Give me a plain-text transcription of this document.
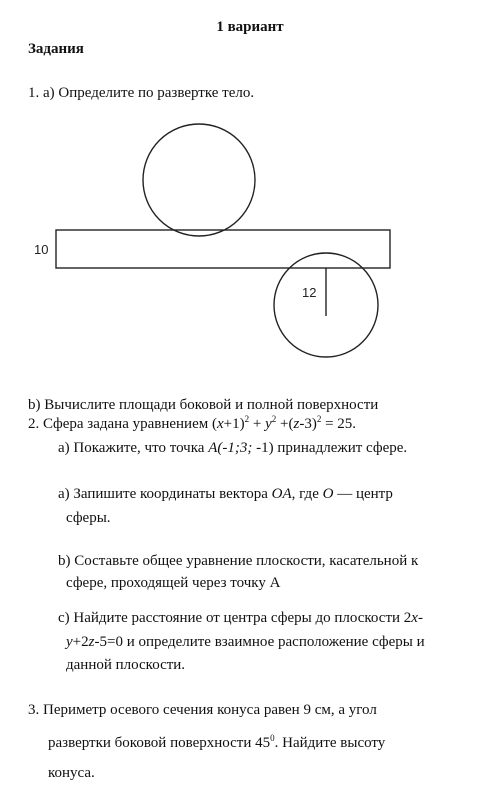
1 вариант

Задания

1. а) Определите по развертке тело.

10
12

b) Вычислите площади боковой и полной поверхности

2. Сфера задана уравнением $(x+1)^2 + y^2 +(z-3)^2 = 25$.

а) Покажите, что точка A(-1;3; -1) принадлежит сфере.

а) Запишите координаты вектора OA, где O — центр

сферы.

b) Составьте общее уравнение плоскости, касательной к

сфере, проходящей через точку А

c) Найдите расстояние от центра сферы до плоскости 2x-

y+2z-5=0 и определите взаимное расположение сферы и

данной плоскости.

3. Периметр осевого сечения конуса равен 9 см, а угол

развертки боковой поверхности $45^0$. Найдите высоту

конуса.
